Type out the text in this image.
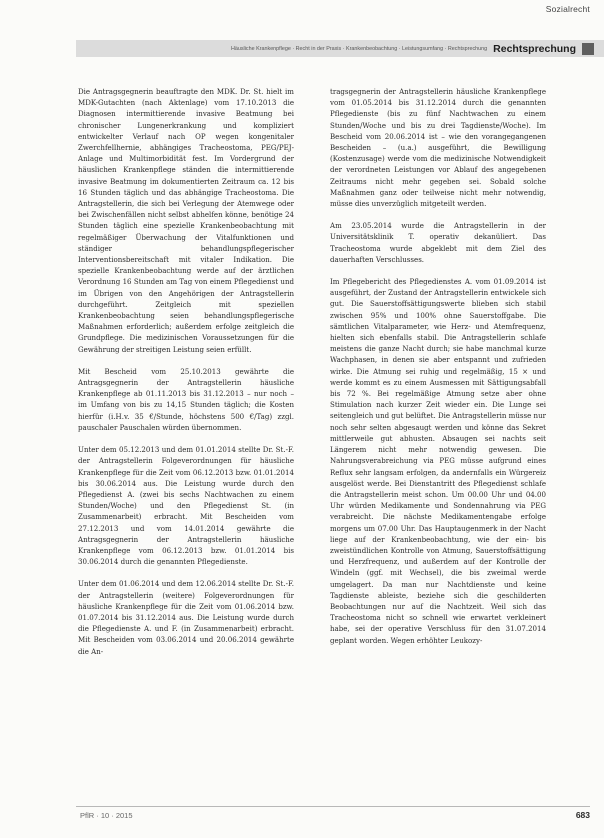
Sozialrecht
Häusliche Krankenpflege · Recht in der Praxis · Krankenbeobachtung · Leistungsumfang · Rechtsprechung Rechtsprechung

Die Antragsgegnerin beauftragte den MDK. Dr. St. hielt im MDK-Gutachten (nach Aktenlage) vom 17.10.2013 die Diagnosen intermittierende invasive Beatmung bei chronischer Lungenerkrankung und kompliziert entwickelter Verlauf nach OP wegen kongenitaler Zwerchfellhernie, abhängiges Tracheostoma, PEG/PEJ-Anlage und Multimorbidität fest. Im Vordergrund der häuslichen Krankenpflege ständen die intermittierende invasive Beatmung im dokumentierten Zeitraum ca. 12 bis 16 Stunden täglich und das abhängige Tracheostoma. Die Antragstellerin, die sich bei Verlegung der Atemwege oder bei Zwischenfällen nicht selbst abhelfen könne, benötige 24 Stunden täglich eine spezielle Krankenbeobachtung mit regelmäßiger Überwachung der Vitalfunktionen und ständiger behandlungspflegerischer Interventionsbereitschaft mit vitaler Indikation. Die spezielle Krankenbeobachtung werde auf der ärztlichen Verordnung 16 Stunden am Tag von einem Pflegedienst und im Übrigen von den Angehörigen der Antragstellerin durchgeführt. Zeitgleich mit speziellen Krankenbeobachtung seien behandlungspflegerische Maßnahmen erforderlich; außerdem erfolge zeitgleich die Grundpflege. Die medizinischen Voraussetzungen für die Gewährung der streitigen Leistung seien erfüllt.

Mit Bescheid vom 25.10.2013 gewährte die Antragsgegnerin der Antragstellerin häusliche Krankenpflege ab 01.11.2013 bis 31.12.2013 – nur noch – im Umfang von bis zu 14,15 Stunden täglich; die Kosten hierfür (i.H.v. 35 €/Stunde, höchstens 500 €/Tag) zzgl. pauschaler Pauschalen würden übernommen.

Unter dem 05.12.2013 und dem 01.01.2014 stellte Dr. St.-F. der Antragstellerin Folgeverordnungen für häusliche Krankenpflege für die Zeit vom 06.12.2013 bzw. 01.01.2014 bis 30.06.2014 aus. Die Leistung wurde durch den Pflegedienst A. (zwei bis sechs Nachtwachen zu einem Stunden/Woche) und den Pflegedienst St. (in Zusammenarbeit) erbracht. Mit Bescheiden vom 27.12.2013 und vom 14.01.2014 gewährte die Antragsgegnerin der Antragstellerin häusliche Krankenpflege vom 06.12.2013 bzw. 01.01.2014 bis 30.06.2014 durch die genannten Pflegedienste.

Unter dem 01.06.2014 und dem 12.06.2014 stellte Dr. St.-F. der Antragstellerin (weitere) Folgeverordnungen für häusliche Krankenpflege für die Zeit vom 01.06.2014 bzw. 01.07.2014 bis 31.12.2014 aus. Die Leistung wurde durch die Pflegedienste A. und F. (in Zusammenarbeit) erbracht. Mit Bescheiden vom 03.06.2014 und 20.06.2014 gewährte die An-

tragsgegnerin der Antragstellerin häusliche Krankenpflege vom 01.05.2014 bis 31.12.2014 durch die genannten Pflegedienste (bis zu fünf Nachtwachen zu einem Stunden/Woche und bis zu drei Tagdienste/Woche). Im Bescheid vom 20.06.2014 ist – wie den vorangegangenen Bescheiden – (u.a.) ausgeführt, die Bewilligung (Kostenzusage) werde vom die medizinische Notwendigkeit der verordneten Leistungen vor Ablauf des angegebenen Zeitraums nicht mehr gegeben sei. Sobald solche Maßnahmen ganz oder teilweise nicht mehr notwendig, müsse dies unverzüglich mitgeteilt werden.

Am 23.05.2014 wurde die Antragstellerin in der Universitätsklinik T. operativ dekanüliert. Das Tracheostoma wurde abgeklebt mit dem Ziel des dauerhaften Verschlusses.

Im Pflegebericht des Pflegedienstes A. vom 01.09.2014 ist ausgeführt, der Zustand der Antragstellerin entwickele sich gut. Die Sauerstoffsättigungswerte blieben sich stabil zwischen 95% und 100% ohne Sauerstoffgabe. Die sämtlichen Vitalparameter, wie Herz- und Atemfrequenz, hielten sich ebenfalls stabil. Die Antragstellerin schlafe meistens die ganze Nacht durch; sie habe manchmal kurze Wachphasen, in denen sie aber entspannt und zufrieden wirke. Die Atmung sei ruhig und regelmäßig, 15 × und werde kommt es zu einem Ausmessen mit Sättigungsabfall bis 72 %. Bei regelmäßige Atmung setze aber ohne Stimulation nach kurzer Zeit wieder ein. Die Lunge sei seitengleich und gut belüftet. Die Antragstellerin müsse nur noch sehr selten abgesaugt werden und könne das Sekret mittlerweile gut abhusten. Absaugen sei nachts seit Längerem nicht mehr notwendig gewesen. Die Nahrungsverabreichung via PEG müsse aufgrund eines Reflux sehr langsam erfolgen, da andernfalls ein Würgereiz ausgelöst werde. Bei Dienstantritt des Pflegedienst schlafe die Antragstellerin meist schon. Um 00.00 Uhr und 04.00 Uhr würden Medikamente und Sondennahrung via PEG verabreicht. Die nächste Medikamentengabe erfolge morgens um 07.00 Uhr. Das Hauptaugenmerk in der Nacht liege auf der Krankenbeobachtung, wie der ein- bis zweistündlichen Kontrolle von Atmung, Sauerstoffsättigung und Herzfrequenz, und außerdem auf der Kontrolle der Windeln (ggf. mit Wechsel), die bis zweimal werde umgelagert. Da man nur Nachtdienste und keine Tagdienste ableiste, beziehe sich die geschilderten Beobachtungen nur auf die Nachtzeit. Weil sich das Tracheostoma nicht so schnell wie erwartet verkleinert habe, sei der operative Verschluss für den 31.07.2014 geplant worden. Wegen erhöhter Leukozy-

PflR · 10 · 2015	683
